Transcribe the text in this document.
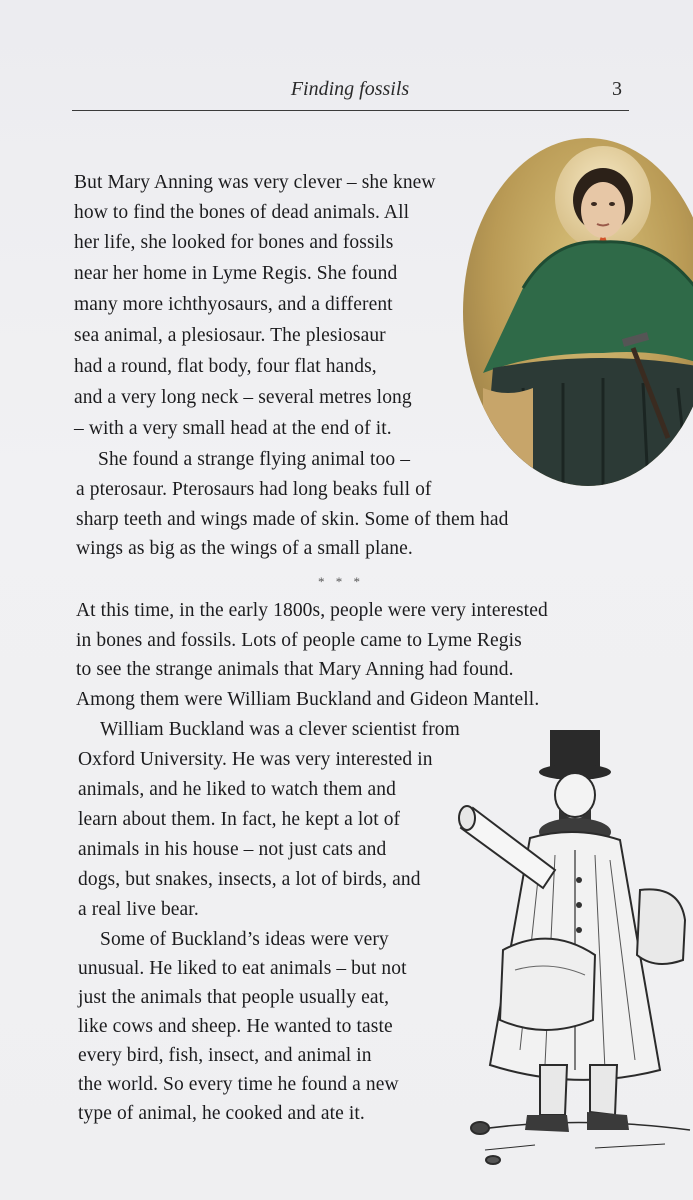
Finding fossils	3
But Mary Anning was very clever – she knew
how to find the bones of dead animals. All
her life, she looked for bones and fossils
near her home in Lyme Regis. She found
many more ichthyosaurs, and a different
sea animal, a plesiosaur. The plesiosaur
had a round, flat body, four flat hands,
and a very long neck – several metres long
– with a very small head at the end of it.
She found a strange flying animal too –
a pterosaur. Pterosaurs had long beaks full of
sharp teeth and wings made of skin. Some of them had
wings as big as the wings of a small plane.
* * *
At this time, in the early 1800s, people were very interested
in bones and fossils. Lots of people came to Lyme Regis
to see the strange animals that Mary Anning had found.
Among them were William Buckland and Gideon Mantell.
William Buckland was a clever scientist from
Oxford University. He was very interested in
animals, and he liked to watch them and
learn about them. In fact, he kept a lot of
animals in his house – not just cats and
dogs, but snakes, insects, a lot of birds, and
a real live bear.
Some of Buckland’s ideas were very
unusual. He liked to eat animals – but not
just the animals that people usually eat,
like cows and sheep. He wanted to taste
every bird, fish, insect, and animal in
the world. So every time he found a new
type of animal, he cooked and ate it.
